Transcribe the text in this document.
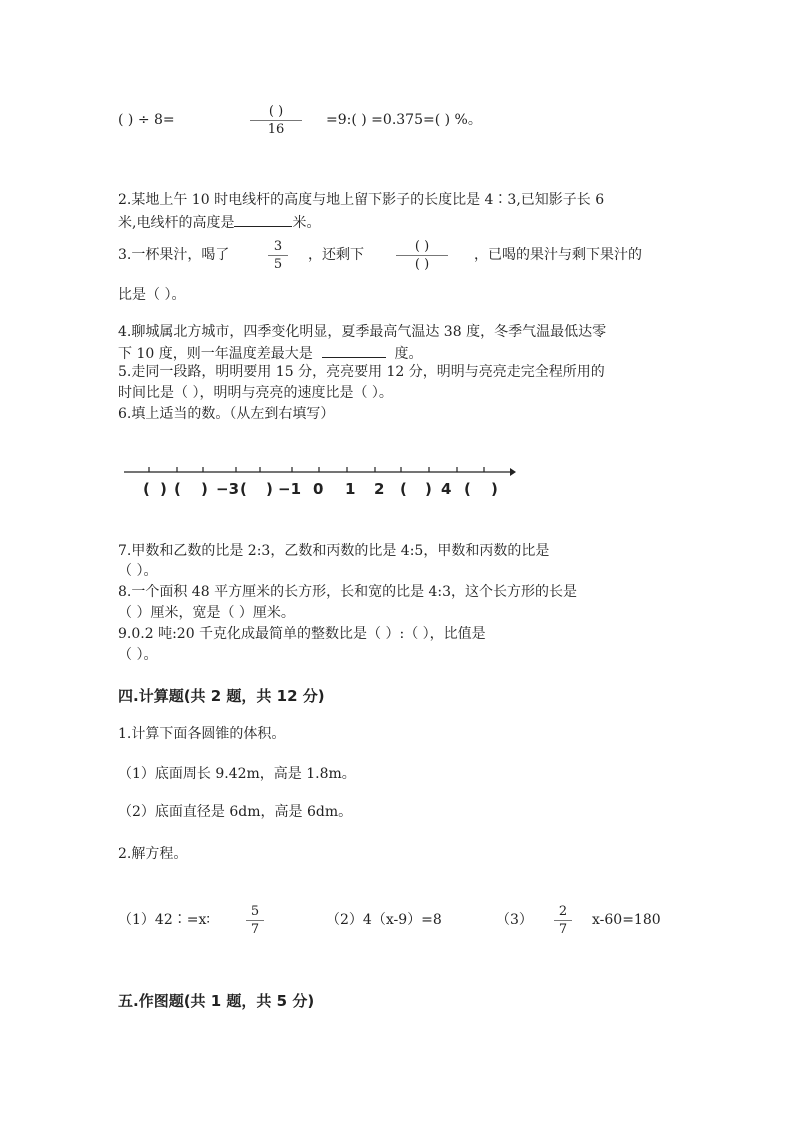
( ) ÷ 8=
( )
16
=9:( ) =0.375=( ) %。
2.某地上午 10 时电线杆的高度与地上留下影子的长度比是 4∶3,已知影子长 6
米,电线杆的高度是	米。
3.一杯果汁，喝了
3
5
，还剩下
( )
( )
，已喝的果汁与剩下果汁的
比是（ ）。
4.聊城属北方城市，四季变化明显，夏季最高气温达 38 度，冬季气温最低达零
下 10 度，则一年温度差最大是	度。
5.走同一段路，明明要用 15 分，亮亮要用 12 分，明明与亮亮走完全程所用的
时间比是（ ），明明与亮亮的速度比是（ ）。
6.填上适当的数。（从左到右填写）
( ) ( ) −3 ( ) −1 0 1 2 ( ) 4 ( )
7.甲数和乙数的比是 2:3，乙数和丙数的比是 4:5，甲数和丙数的比是
（ ）。
8.一个面积 48 平方厘米的长方形，长和宽的比是 4:3，这个长方形的长是
（ ）厘米，宽是（ ）厘米。
9.0.2 吨:20 千克化成最简单的整数比是（ ）:（ ），比值是
（ ）。
四.计算题(共 2 题，共 12 分)
1.计算下面各圆锥的体积。
（1）底面周长 9.42m，高是 1.8m。
（2）底面直径是 6dm，高是 6dm。
2.解方程。
（1）42∶=x∶
5
7
（2）4（x-9）=8	（3）
2
7
x-60=180
五.作图题(共 1 题，共 5 分)
